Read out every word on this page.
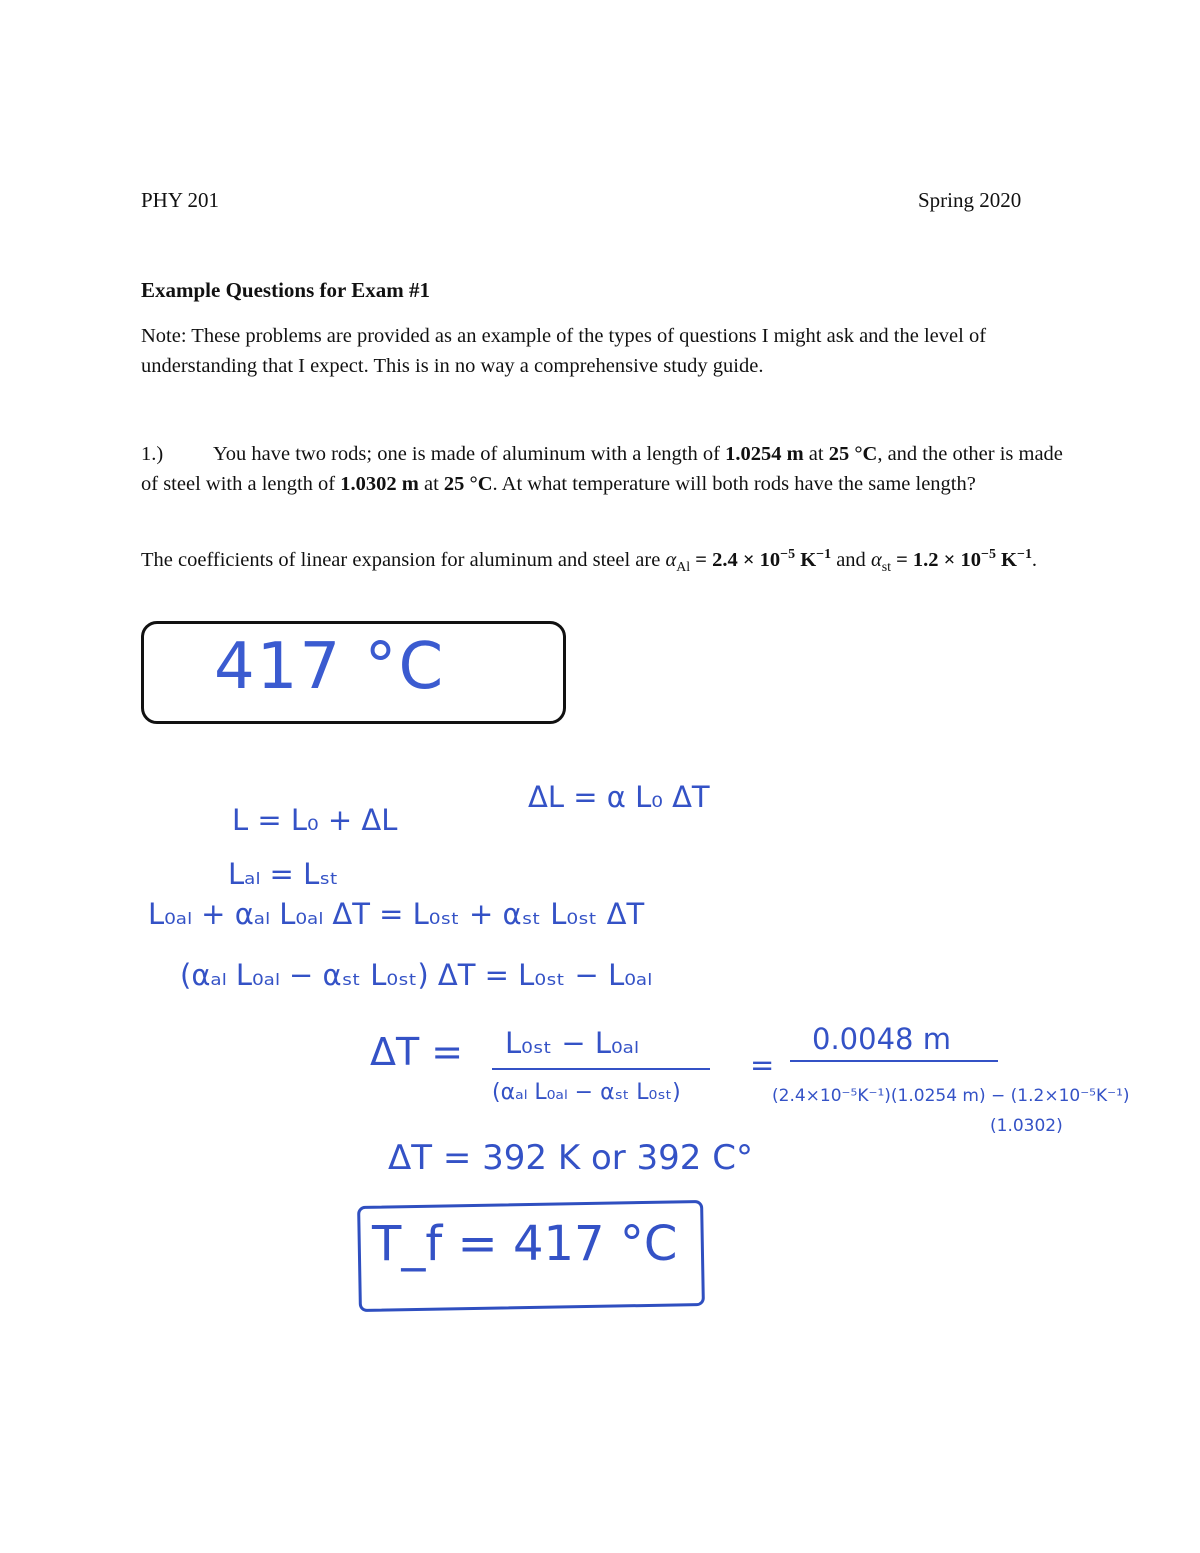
PHY 201	Spring 2020
Example Questions for Exam #1
Note: These problems are provided as an example of the types of questions I might ask and the level of understanding that I expect. This is in no way a comprehensive study guide.
1.) You have two rods; one is made of aluminum with a length of 1.0254 m at 25 °C, and the other is made of steel with a length of 1.0302 m at 25 °C. At what temperature will both rods have the same length?
The coefficients of linear expansion for aluminum and steel are $\alpha_{Al} = 2.4 \times 10^{-5}$ $K^{-1}$ and $\alpha_{st} = 1.2 \times 10^{-5}$ $K^{-1}$.
417 °C
L = L₀ + ΔL
ΔL = α L₀ ΔT
Lₐₗ = Lₛₜ
L₀ₐₗ + αₐₗ L₀ₐₗ ΔT = L₀ₛₜ + αₛₜ L₀ₛₜ ΔT
(αₐₗ L₀ₐₗ − αₛₜ L₀ₛₜ) ΔT = L₀ₛₜ − L₀ₐₗ
ΔT = L₀ₛₜ − L₀ₐₗ
(αₐₗ L₀ₐₗ − αₛₜ L₀ₛₜ)
=
0.0048 m
(2.4×10⁻⁵K⁻¹)(1.0254 m) − (1.2×10⁻⁵K⁻¹)
(1.0302)
ΔT = 392 K or 392 C°
T_f = 417 °C
